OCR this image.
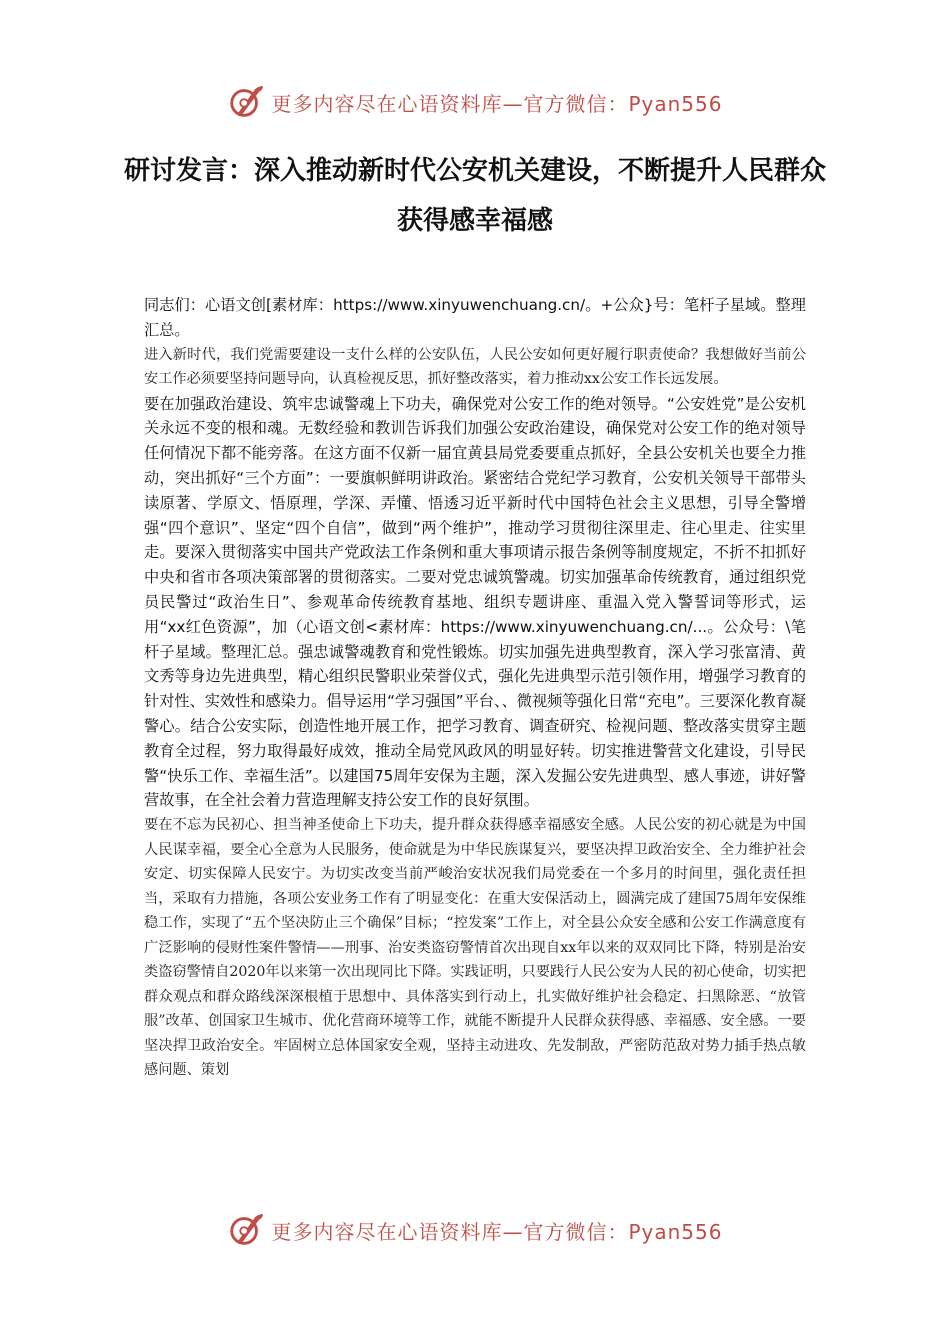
更多内容尽在心语资料库—官方微信：Pyan556
研讨发言：深入推动新时代公安机关建设，不断提升人民群众获得感幸福感

同志们：心语文创[素材库：https://www.xinyuwenchuang.cn/。+公众}号：笔杆子星域。整理汇总。

进入新时代，我们党需要建设一支什么样的公安队伍，人民公安如何更好履行职责使命？我想做好当前公安工作必须要坚持问题导向，认真检视反思，抓好整改落实，着力推动xx公安工作长远发展。

要在加强政治建设、筑牢忠诚警魂上下功夫，确保党对公安工作的绝对领导。“公安姓党”是公安机关永远不变的根和魂。无数经验和教训告诉我们加强公安政治建设，确保党对公安工作的绝对领导任何情况下都不能旁落。在这方面不仅新一届宜黄县局党委要重点抓好，全县公安机关也要全力推动，突出抓好“三个方面”：一要旗帜鲜明讲政治。紧密结合党纪学习教育，公安机关领导干部带头读原著、学原文、悟原理，学深、弄懂、悟透习近平新时代中国特色社会主义思想，引导全警增强“四个意识”、坚定“四个自信”，做到“两个维护”，推动学习贯彻往深里走、往心里走、往实里走。要深入贯彻落实中国共产党政法工作条例和重大事项请示报告条例等制度规定，不折不扣抓好中央和省市各项决策部署的贯彻落实。二要对党忠诚筑警魂。切实加强革命传统教育，通过组织党员民警过“政治生日”、参观革命传统教育基地、组织专题讲座、重温入党入警誓词等形式，运用“xx红色资源”，加（心语文创<素材库：https://www.xinyuwenchuang.cn/...。公众号：\笔杆子星域。整理汇总。强忠诚警魂教育和党性锻炼。切实加强先进典型教育，深入学习张富清、黄文秀等身边先进典型，精心组织民警职业荣誉仪式，强化先进典型示范引领作用，增强学习教育的针对性、实效性和感染力。倡导运用“学习强国”平台、、微视频等强化日常“充电”。三要深化教育凝警心。结合公安实际，创造性地开展工作，把学习教育、调查研究、检视问题、整改落实贯穿主题教育全过程，努力取得最好成效，推动全局党风政风的明显好转。切实推进警营文化建设，引导民警“快乐工作、幸福生活”。以建国75周年安保为主题，深入发掘公安先进典型、感人事迹，讲好警营故事，在全社会着力营造理解支持公安工作的良好氛围。

要在不忘为民初心、担当神圣使命上下功夫，提升群众获得感幸福感安全感。人民公安的初心就是为中国人民谋幸福，要全心全意为人民服务，使命就是为中华民族谋复兴，要坚决捍卫政治安全、全力维护社会安定、切实保障人民安宁。为切实改变当前严峻治安状况我们局党委在一个多月的时间里，强化责任担当，采取有力措施，各项公安业务工作有了明显变化：在重大安保活动上，圆满完成了建国75周年安保维稳工作，实现了“五个坚决防止三个确保”目标；“控发案”工作上，对全县公众安全感和公安工作满意度有广泛影响的侵财性案件警情——刑事、治安类盗窃警情首次出现自xx年以来的双双同比下降，特别是治安类盗窃警情自2020年以来第一次出现同比下降。实践证明，只要践行人民公安为人民的初心使命，切实把群众观点和群众路线深深根植于思想中、具体落实到行动上，扎实做好维护社会稳定、扫黑除恶、“放管服”改革、创国家卫生城市、优化营商环境等工作，就能不断提升人民群众获得感、幸福感、安全感。一要坚决捍卫政治安全。牢固树立总体国家安全观，坚持主动进攻、先发制敌，严密防范敌对势力插手热点敏感问题、策划

更多内容尽在心语资料库—官方微信：Pyan556
